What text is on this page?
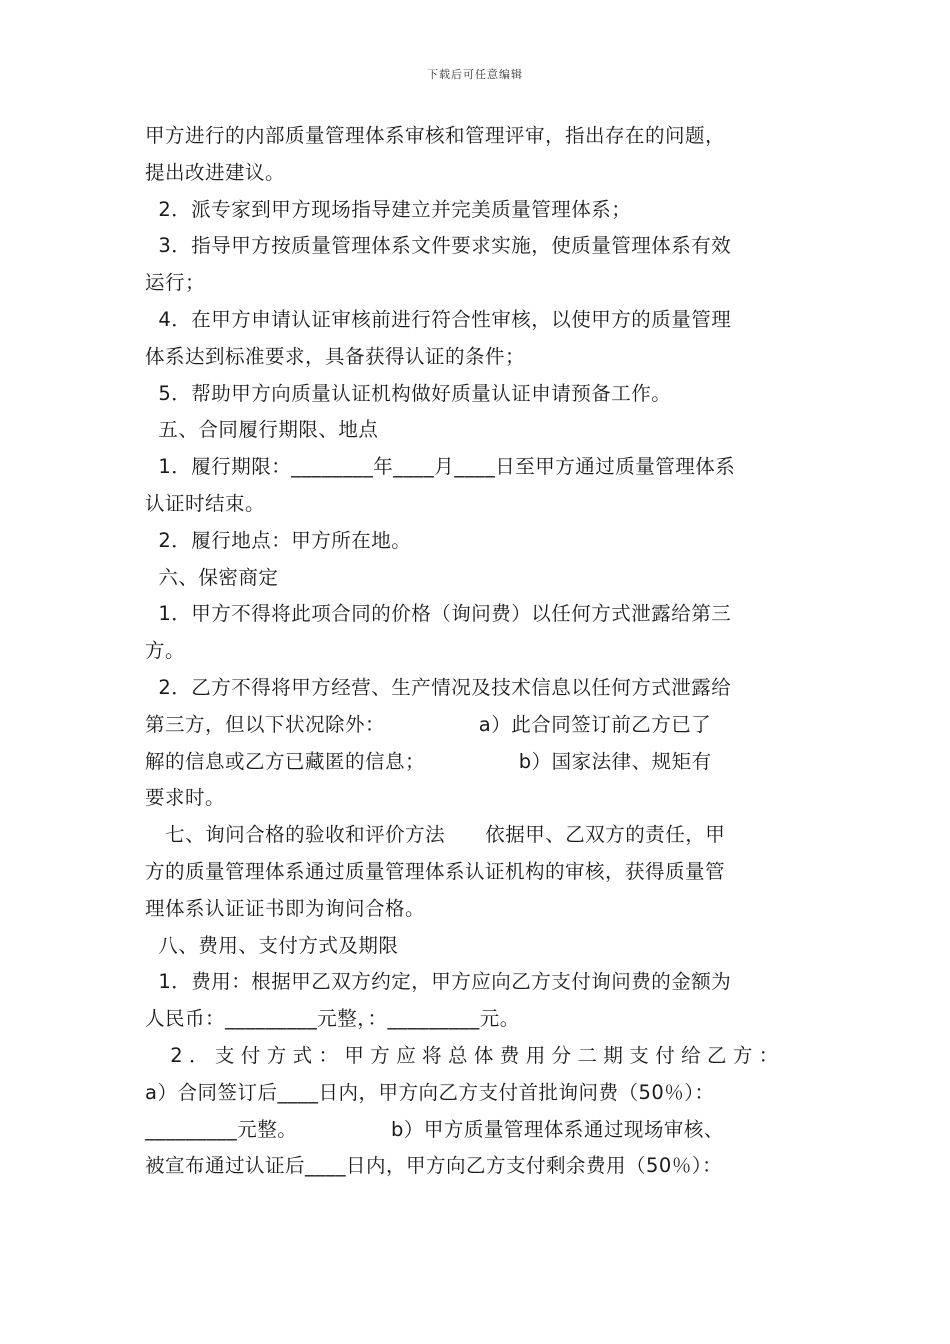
下载后可任意编辑
甲方进行的内部质量管理体系审核和管理评审，指出存在的问题，
提出改进建议。
2．派专家到甲方现场指导建立并完美质量管理体系；
3．指导甲方按质量管理体系文件要求实施，使质量管理体系有效
运行；
4．在甲方申请认证审核前进行符合性审核，以使甲方的质量管理
体系达到标准要求，具备获得认证的条件；
5．帮助甲方向质量认证机构做好质量认证申请预备工作。
五、合同履行期限、地点
1．履行期限：________年____月____日至甲方通过质量管理体系
认证时结束。
2．履行地点：甲方所在地。
六、保密商定
1．甲方不得将此项合同的价格（询问费）以任何方式泄露给第三
方。
2．乙方不得将甲方经营、生产情况及技术信息以任何方式泄露给
第三方，但以下状况除外：              a）此合同签订前乙方已了
解的信息或乙方已藏匿的信息；              b）国家法律、规矩有
要求时。
七、询问合格的验收和评价方法      依据甲、乙双方的责任，甲
方的质量管理体系通过质量管理体系认证机构的审核，获得质量管
理体系认证证书即为询问合格。
八、费用、支付方式及期限
1．费用：根据甲乙双方约定，甲方应向乙方支付询问费的金额为
人民币：_________元整，：_________元。
2．支付方式：甲方应将总体费用分二期支付给乙方：
a）合同签订后____日内，甲方向乙方支付首批询问费（50％）：
_________元整。              b）甲方质量管理体系通过现场审核、
被宣布通过认证后____日内，甲方向乙方支付剩余费用（50％）：
